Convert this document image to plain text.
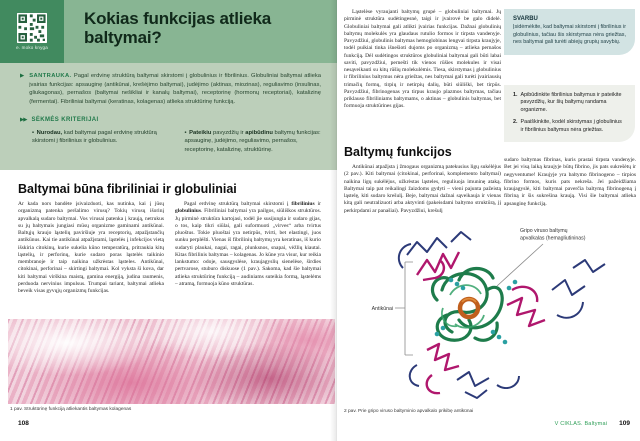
e. moko knyga
Kokias funkcijas atlieka baltymai?
▶ SANTRAUKA. Pagal erdvinę struktūrą baltymai skirstomi į globulinius ir fibrilinius. Globuliniai baltymai atlieka įvairias funkcijas: apsauginę (antikūnai, krešėjimo baltymai), judėjimo (aktinas, miozinas), reguliavimo (insulinas, gliukagonas), pernašos (baltymai nešikliai ir kanalų baltymai), receptorinę (hormonų receptoriai), katalizinę (fermentai). Fibriliniai baltymai (keratinas, kolagenas) atlieka struktūrinę funkciją.

▶▶ SĖKMĖS KRITERIJAI

• Nurodau, kad baltymai pagal erdvinę struktūrą skirstomi į fibrilinius ir globulinius.

• Pateikiu pavyzdžių ir apibūdinu baltymų funkcijas: apsauginę, judėjimo, reguliavimo, pernašos, receptorinę, katalizinę, struktūrinę.

Baltymai būna fibriliniai ir globuliniai

Ar kada nors bandėte įsivaizduoti, kas nutinka, kai į jūsų organizmą patenka peršalimo virusų? Tokių virusų išorinį apvalkalą sudaro baltymai. Vos virusai patenka į kraują, netrukus su jų baltymais jungiasi mūsų organizme gaminami antikūnai. Baltųjų kraujo ląstelių paviršiuje yra receptorių, atpažįstančių antikūnus. Kai tie antikūnai atpažįstami, ląstelės į infekcijos vietą išskiria citokinų, kurie sukelia kūno temperatūrą, pritraukia kitų ląstelių, ir perforinų, kurie sudaro poras ląstelės taikinio membranoje ir taip naikina užkrėstas ląsteles. Antikūnai, citokinai, perforinai – skirtingi baltymai. Kol vyksta ši kova, dar kiti baltymai virškina maistą, gamina energiją, judina raumenis, perduoda nervinius impulsus. Trumpai tariant, baltymai atlieka beveik visas gyvųjų organizmų funkcijas.

Pagal erdvinę struktūrą baltymai skirstomi į fibrilinius ir globulinius. Fibriliniai baltymai yra pailgos, siūliškos struktūros. Jų pirminė struktūra kartojasi, todėl jie susijungia ir sudaro gijas, o tos, kaip tikri siūlai, gali suformuoti „virves“ arba tvirtus pluoštus. Tokie pluoštai yra netirpūs, tvirti, bet elastingi, juos sunku perplėšti. Vienas iš fibrilinių baltymų yra keratinas, iš kurio sudaryti plaukai, nagai, ragai, plunksnos, snapai, vėžlių kiautai. Kitas fibrilinis baltymas – kolagenas. Jo kūne yra visur, kur reikia lankstumo: odoje, sausgyslėse, kraujagyslių sienelėse, širdies pertvarose, stuburo diskuose (1 pav.). Sakoma, kad šie baltymai atlieka struktūrinę funkciją – audiniams suteikia formą, ląstelėms – atramą, formuoja kūno struktūras.

1 pav. Struktūrinę funkciją atliekantis baltymas kolagenas

108

Ląstelėse vyraujanti baltymų grupė – globuliniai baltymai. Jų pirminė struktūra sudėtingesnė, taigi ir įvairovė be galo didelė. Globuliniai baltymai gali atlikti įvairias funkcijas. Dažnai globulinių baltymų molekulės yra glaudaus rutulio formos ir tirpsta vandenyje. Pavyzdžiui, globulinis baltymas hemoglobinas lengvai tirpsta kraujyje, todėl puikiai tinka išnešioti dujoms po organizmą – atlieka pernašos funkciją. Dėl sudėtingos struktūros globuliniai baltymai gali būti labai saviti, pavyzdžiui, pernešti tik vienos rūšies molekules ir visai nesąveikauti su kitų rūšių molekulėmis. Tiesa, skirstymas į globulinius ir fibrilinius baltymus nėra griežtas, nes baltymai gali turėti įvairiausių trimačių formų, tirpių ir netirpių dalių, būti siūliški, bet tirpūs. Pavyzdžiui, fibrinogenas yra tirpus kraujo plazmos baltymas, tačiau priklauso fibriliniams baltymams, o aktinas – globulinis baltymas, bet formuoja struktūrines gijas.

SVARBU

Įsidėmėkite, kad baltymai skirstomi į fibrilinius ir globulinius, tačiau šis skirstymas nėra griežtas, nes baltymai gali turėti abiejų grupių savybių.

1. Apibūdinkite fibrilinius baltymus ir pateikite pavyzdžių, kur šių baltymų randama organizme.
2. Paaiškinkite, kodėl skirstymas į globulinius ir fibrilinius baltymus nėra griežtas.
Baltymų funkcijos

Antikūnai atpažįsta į žmogaus organizmą patekusius ligų sukėlėjus (2 pav.). Kiti baltymai (citokinai, perforinai, komplemento baltymai) naikina ligų sukėlėjus, užkrėstas ląsteles, reguliuoja imuninę ataką. Baltymai taip pat reikalingi žaizdoms gydyti – vieni pajunta pažeistą ląstelę, kiti sudaro krešulį. Beje, baltymai dažnai sąveikauja ir vienas kitą gali neutralizuoti arba aktyvinti (pakeisdami baltymo struktūrą, jį perkirpdami ar panašiai). Pavyzdžiui, krešulį

sudaro baltymas fibrinas, kuris prastai tirpsta vandenyje. Bet jei visą laiką kraujyje būtų fibrino, jis pats sukrešėtų ir negyventume! Kraujyje yra baltymo fibrinogeno – tirpios fibrino formos, kuris pats nekreša. Jei pažeidžiama kraujagyslė, kiti baltymai paverčia baltymą fibrinogeną į fibriną ir šis sukrešina kraują. Visi šie baltymai atlieka apsauginę funkciją.

Antikūnai
Gripo viruso baltymų
apvalkalas (hemagliutininas)

2 pav. Prie gripo viruso baltyminio apvalkalo prikibę antikūnai

V CIKLAS. Baltymai 109
